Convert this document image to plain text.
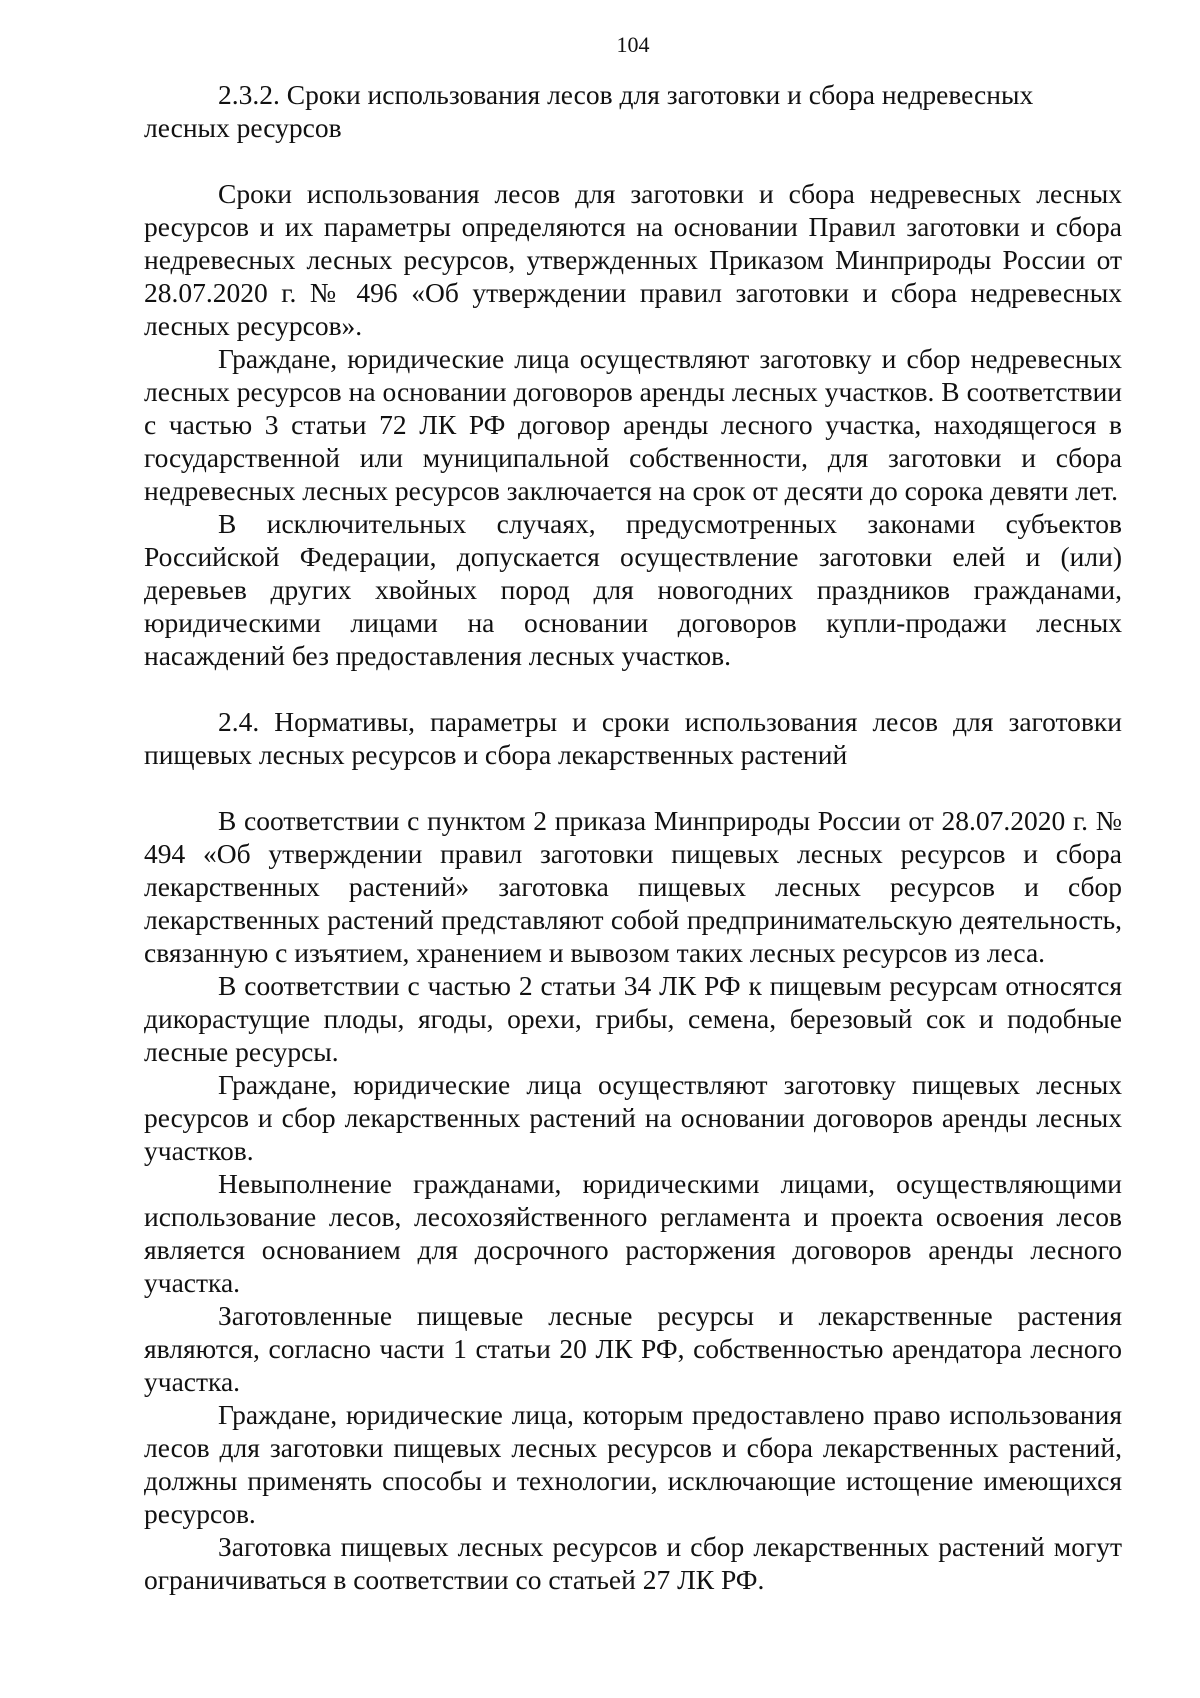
104
2.3.2. Сроки использования лесов для заготовки и сбора недревесных лесных ресурсов

Сроки использования лесов для заготовки и сбора недревесных лесных ресурсов и их параметры определяются на основании Правил заготовки и сбора недревесных лесных ресурсов, утвержденных Приказом Минприроды России от 28.07.2020 г. № 496 «Об утверждении правил заготовки и сбора недревесных лесных ресурсов».

Граждане, юридические лица осуществляют заготовку и сбор недревесных лесных ресурсов на основании договоров аренды лесных участков. В соответствии с частью 3 статьи 72 ЛК РФ договор аренды лесного участка, находящегося в государственной или муниципальной собственности, для заготовки и сбора недревесных лесных ресурсов заключается на срок от десяти до сорока девяти лет.

В исключительных случаях, предусмотренных законами субъектов Российской Федерации, допускается осуществление заготовки елей и (или) деревьев других хвойных пород для новогодних праздников гражданами, юридическими лицами на основании договоров купли-продажи лесных насаждений без предоставления лесных участков.

2.4. Нормативы, параметры и сроки использования лесов для заготовки пищевых лесных ресурсов и сбора лекарственных растений

В соответствии с пунктом 2 приказа Минприроды России от 28.07.2020 г. № 494 «Об утверждении правил заготовки пищевых лесных ресурсов и сбора лекарственных растений» заготовка пищевых лесных ресурсов и сбор лекарственных растений представляют собой предпринимательскую деятельность, связанную с изъятием, хранением и вывозом таких лесных ресурсов из леса.

В соответствии с частью 2 статьи 34 ЛК РФ к пищевым ресурсам относятся дикорастущие плоды, ягоды, орехи, грибы, семена, березовый сок и подобные лесные ресурсы.

Граждане, юридические лица осуществляют заготовку пищевых лесных ресурсов и сбор лекарственных растений на основании договоров аренды лесных участков.

Невыполнение гражданами, юридическими лицами, осуществляющими использование лесов, лесохозяйственного регламента и проекта освоения лесов является основанием для досрочного расторжения договоров аренды лесного участка.

Заготовленные пищевые лесные ресурсы и лекарственные растения являются, согласно части 1 статьи 20 ЛК РФ, собственностью арендатора лесного участка.

Граждане, юридические лица, которым предоставлено право использования лесов для заготовки пищевых лесных ресурсов и сбора лекарственных растений, должны применять способы и технологии, исключающие истощение имеющихся ресурсов.

Заготовка пищевых лесных ресурсов и сбор лекарственных растений могут ограничиваться в соответствии со статьей 27 ЛК РФ.
